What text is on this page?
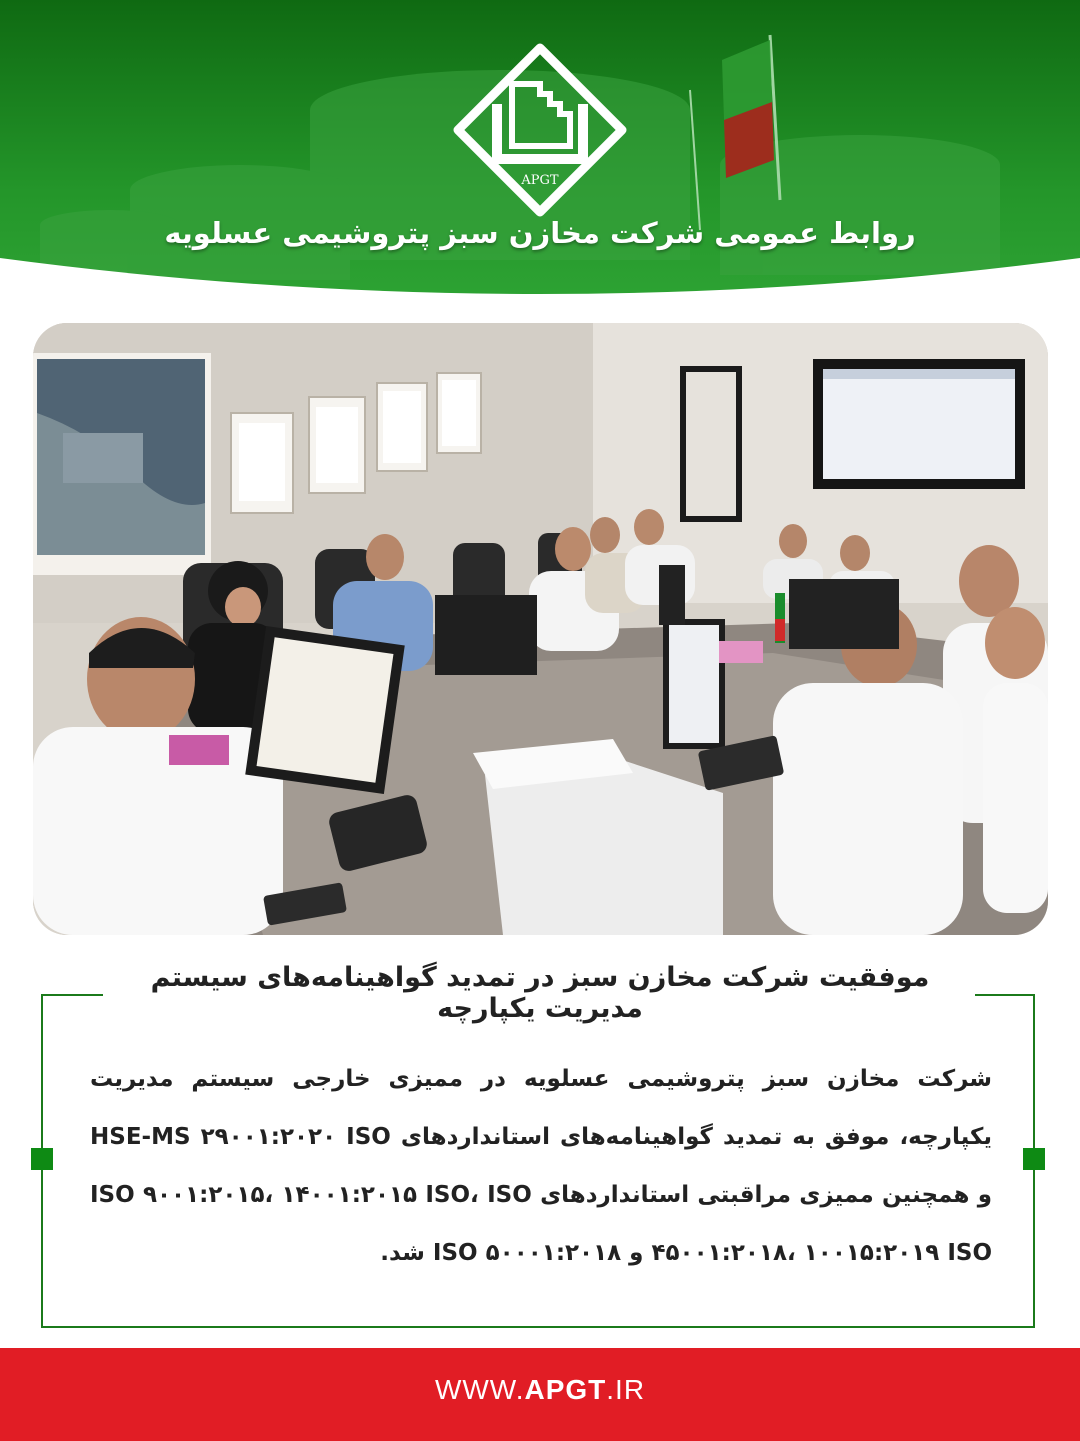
APGT
روابط عمومی شرکت مخازن سبز پتروشیمی عسلویه
موفقیت شرکت مخازن سبز در تمدید گواهینامه‌های سیستم مدیریت یکپارچه
شرکت مخازن سبز پتروشیمی عسلویه در ممیزی خارجی سیستم مدیریت یکپارچه، موفق به تمدید گواهینامه‌های استانداردهای HSE-MS ۲۹۰۰۱:۲۰۲۰ ISO و همچنین ممیزی مراقبتی استانداردهای ISO ۹۰۰۱:۲۰۱۵، ۱۴۰۰۱:۲۰۱۵ ISO، ISO ۴۵۰۰۱:۲۰۱۸، ۱۰۰۱۵:۲۰۱۹ ISO و ۵۰۰۰۱:۲۰۱۸ ISO شد.
WWW.APGT.IR
